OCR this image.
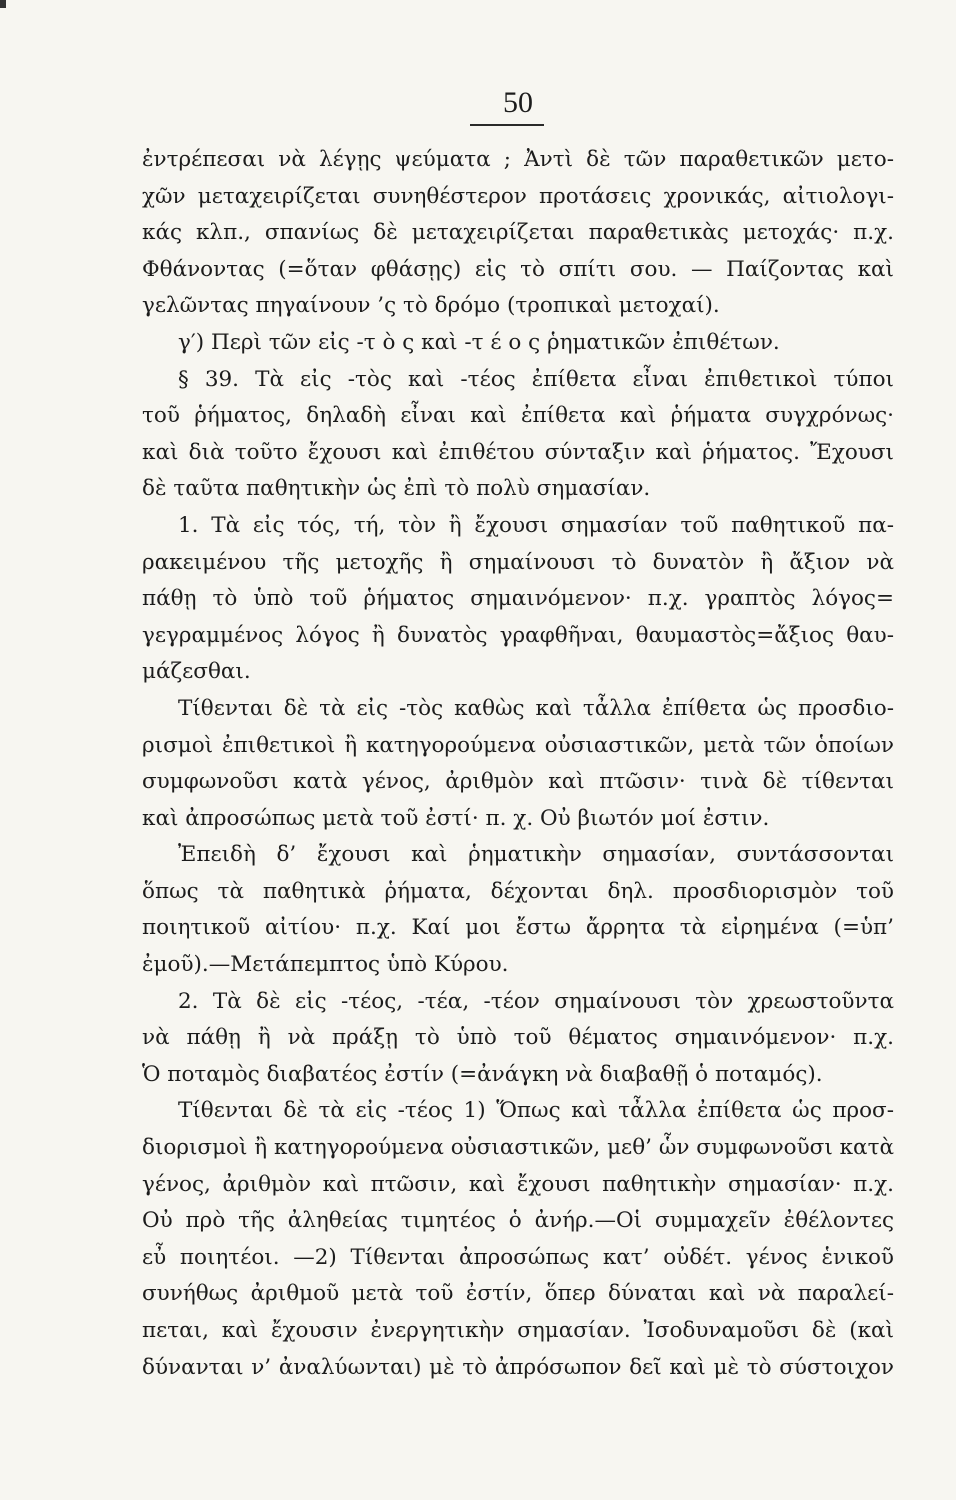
50
ἐντρέπεσαι νὰ λέγῃς ψεύματα ; Ἀντὶ δὲ τῶν παραθετικῶν μετο-
χῶν μεταχειρίζεται συνηθέστερον προτάσεις χρονικάς, αἰτιολογι-
κάς κλπ., σπανίως δὲ μεταχειρίζεται παραθετικὰς μετοχάς· π.χ.
Φθάνοντας (=ὅταν φθάσῃς) εἰς τὸ σπίτι σου. — Παίζοντας καὶ
γελῶντας πηγαίνουν ’ς τὸ δρόμο (τροπικαὶ μετοχαί).
γ′) Περὶ τῶν εἰς -τ ὸ ς καὶ -τ έ ο ς ῥηματικῶν ἐπιθέτων.
§ 39. Τὰ εἰς -τὸς καὶ -τέος ἐπίθετα εἶναι ἐπιθετικοὶ τύποι
τοῦ ῥήματος, δηλαδὴ εἶναι καὶ ἐπίθετα καὶ ῥήματα συγχρόνως·
καὶ διὰ τοῦτο ἔχουσι καὶ ἐπιθέτου σύνταξιν καὶ ῥήματος. Ἔχουσι
δὲ ταῦτα παθητικὴν ὡς ἐπὶ τὸ πολὺ σημασίαν.
1. Τὰ εἰς τός, τή, τὸν ἢ ἔχουσι σημασίαν τοῦ παθητικοῦ πα-
ρακειμένου τῆς μετοχῆς ἢ σημαίνουσι τὸ δυνατὸν ἢ ἄξιον νὰ
πάθῃ τὸ ὑπὸ τοῦ ῥήματος σημαινόμενον· π.χ. γραπτὸς λόγος=
γεγραμμένος λόγος ἢ δυνατὸς γραφθῆναι, θαυμαστὸς=ἄξιος θαυ-
μάζεσθαι.
Τίθενται δὲ τὰ εἰς -τὸς καθὼς καὶ τἆλλα ἐπίθετα ὡς προσδιο-
ρισμοὶ ἐπιθετικοὶ ἢ κατηγορούμενα οὐσιαστικῶν, μετὰ τῶν ὁποίων
συμφωνοῦσι κατὰ γένος, ἀριθμὸν καὶ πτῶσιν· τινὰ δὲ τίθενται
καὶ ἀπροσώπως μετὰ τοῦ ἐστί· π. χ. Οὐ βιωτόν μοί ἐστιν.
Ἐπειδὴ δ’ ἔχουσι καὶ ῥηματικὴν σημασίαν, συντάσσονται
ὅπως τὰ παθητικὰ ῥήματα, δέχονται δηλ. προσδιορισμὸν τοῦ
ποιητικοῦ αἰτίου· π.χ. Καί μοι ἔστω ἄρρητα τὰ εἰρημένα (=ὑπ’
ἐμοῦ).—Μετάπεμπτος ὑπὸ Κύρου.
2. Τὰ δὲ εἰς -τέος, -τέα, -τέον σημαίνουσι τὸν χρεωστοῦντα
νὰ πάθῃ ἢ νὰ πράξῃ τὸ ὑπὸ τοῦ θέματος σημαινόμενον· π.χ.
Ὁ ποταμὸς διαβατέος ἐστίν (=ἀνάγκη νὰ διαβαθῇ ὁ ποταμός).
Τίθενται δὲ τὰ εἰς -τέος 1) Ὅπως καὶ τἆλλα ἐπίθετα ὡς προσ-
διορισμοὶ ἢ κατηγορούμενα οὐσιαστικῶν, μεθ’ ὧν συμφωνοῦσι κατὰ
γένος, ἀριθμὸν καὶ πτῶσιν, καὶ ἔχουσι παθητικὴν σημασίαν· π.χ.
Οὐ πρὸ τῆς ἀληθείας τιμητέος ὁ ἀνήρ.—Οἱ συμμαχεῖν ἐθέλοντες
εὖ ποιητέοι. —2) Τίθενται ἀπροσώπως κατ’ οὐδέτ. γένος ἑνικοῦ
συνήθως ἀριθμοῦ μετὰ τοῦ ἐστίν, ὅπερ δύναται καὶ νὰ παραλεί-
πεται, καὶ ἔχουσιν ἐνεργητικὴν σημασίαν. Ἰσοδυναμοῦσι δὲ (καὶ
δύνανται ν’ ἀναλύωνται) μὲ τὸ ἀπρόσωπον δεῖ καὶ μὲ τὸ σύστοιχον
